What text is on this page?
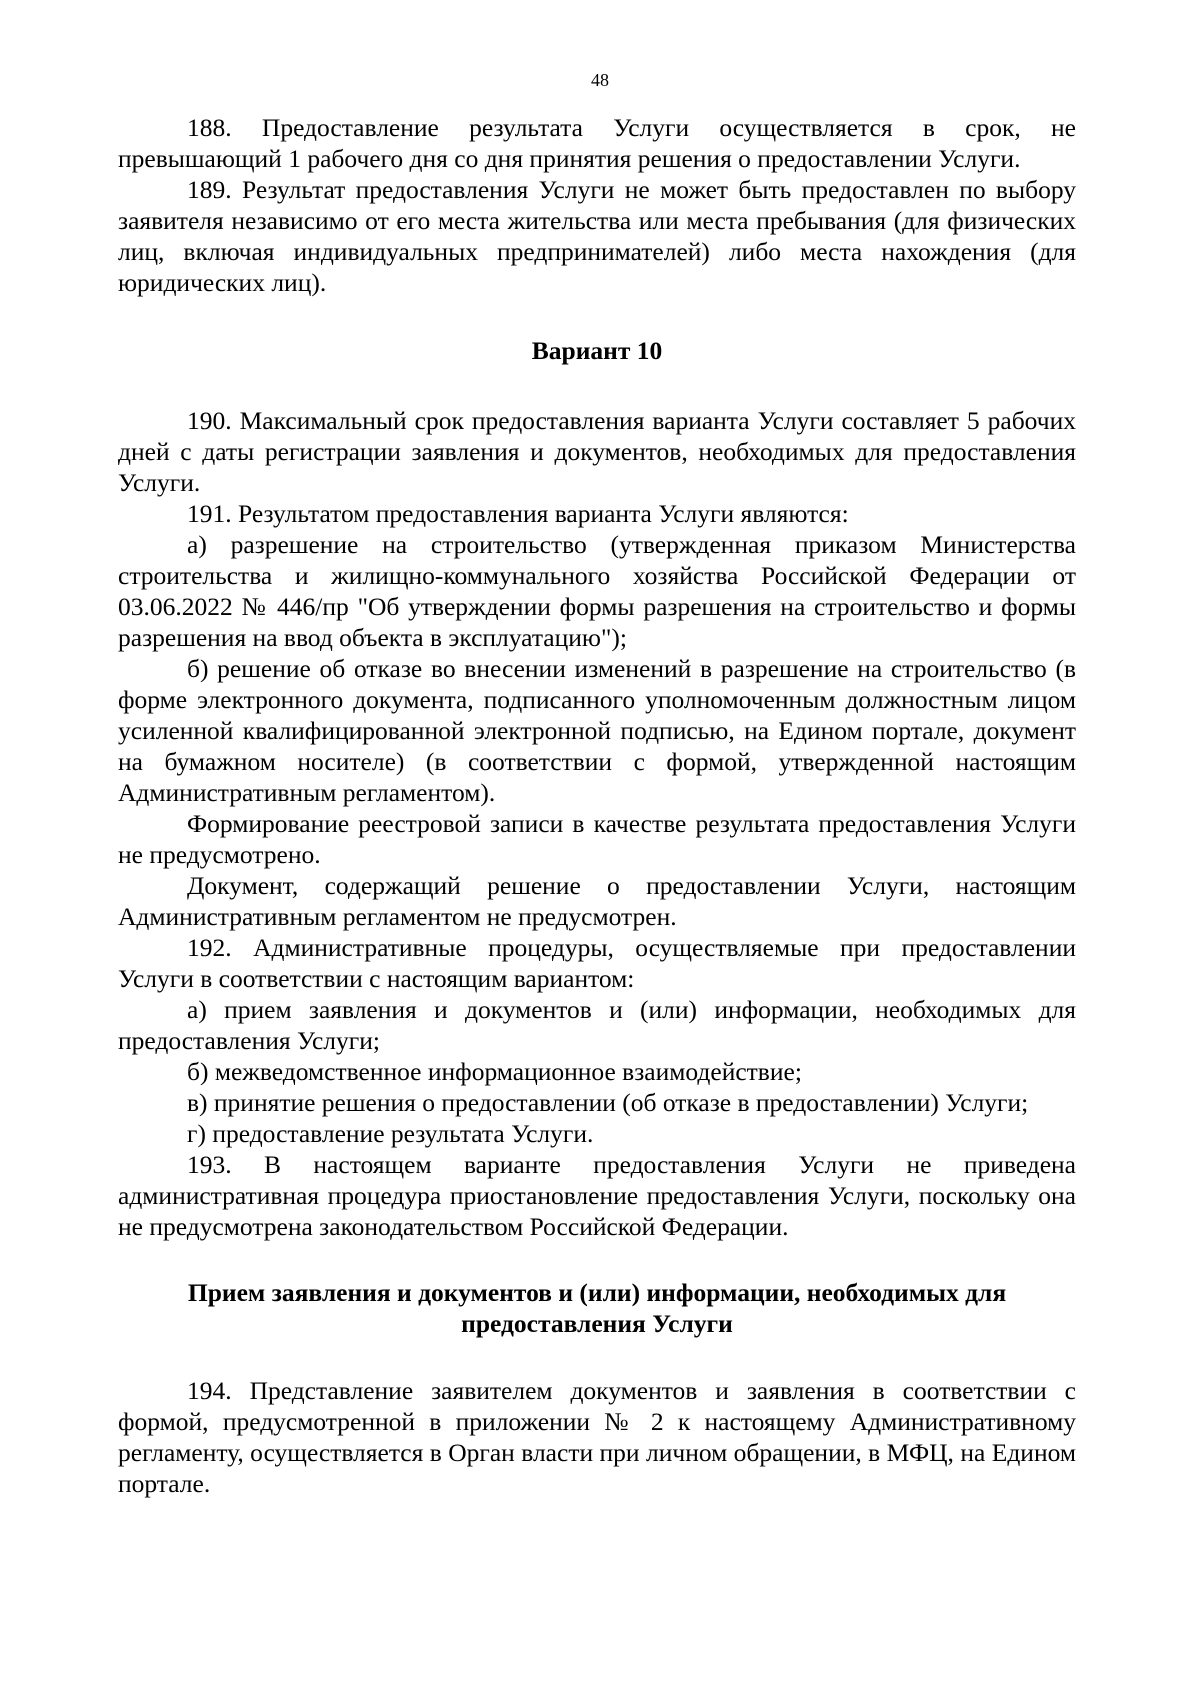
48

188. Предоставление результата Услуги осуществляется в срок, не превышающий 1 рабочего дня со дня принятия решения о предоставлении Услуги.

189. Результат предоставления Услуги не может быть предоставлен по выбору заявителя независимо от его места жительства или места пребывания (для физических лиц, включая индивидуальных предпринимателей) либо места нахождения (для юридических лиц).

Вариант 10

190. Максимальный срок предоставления варианта Услуги составляет 5 рабочих дней с даты регистрации заявления и документов, необходимых для предоставления Услуги.

191. Результатом предоставления варианта Услуги являются:

а) разрешение на строительство (утвержденная приказом Министерства строительства и жилищно-коммунального хозяйства Российской Федерации от 03.06.2022 № 446/пр "Об утверждении формы разрешения на строительство и формы разрешения на ввод объекта в эксплуатацию");

б) решение об отказе во внесении изменений в разрешение на строительство (в форме электронного документа, подписанного уполномоченным должностным лицом усиленной квалифицированной электронной подписью, на Едином портале, документ на бумажном носителе) (в соответствии с формой, утвержденной настоящим Административным регламентом).

Формирование реестровой записи в качестве результата предоставления Услуги не предусмотрено.

Документ, содержащий решение о предоставлении Услуги, настоящим Административным регламентом не предусмотрен.

192. Административные процедуры, осуществляемые при предоставлении Услуги в соответствии с настоящим вариантом:

а) прием заявления и документов и (или) информации, необходимых для предоставления Услуги;

б) межведомственное информационное взаимодействие;

в) принятие решения о предоставлении (об отказе в предоставлении) Услуги;

г) предоставление результата Услуги.

193. В настоящем варианте предоставления Услуги не приведена административная процедура приостановление предоставления Услуги, поскольку она не предусмотрена законодательством Российской Федерации.

Прием заявления и документов и (или) информации, необходимых для
предоставления Услуги

194. Представление заявителем документов и заявления в соответствии с формой, предусмотренной в приложении № 2 к настоящему Административному регламенту, осуществляется в Орган власти при личном обращении, в МФЦ, на Едином портале.
